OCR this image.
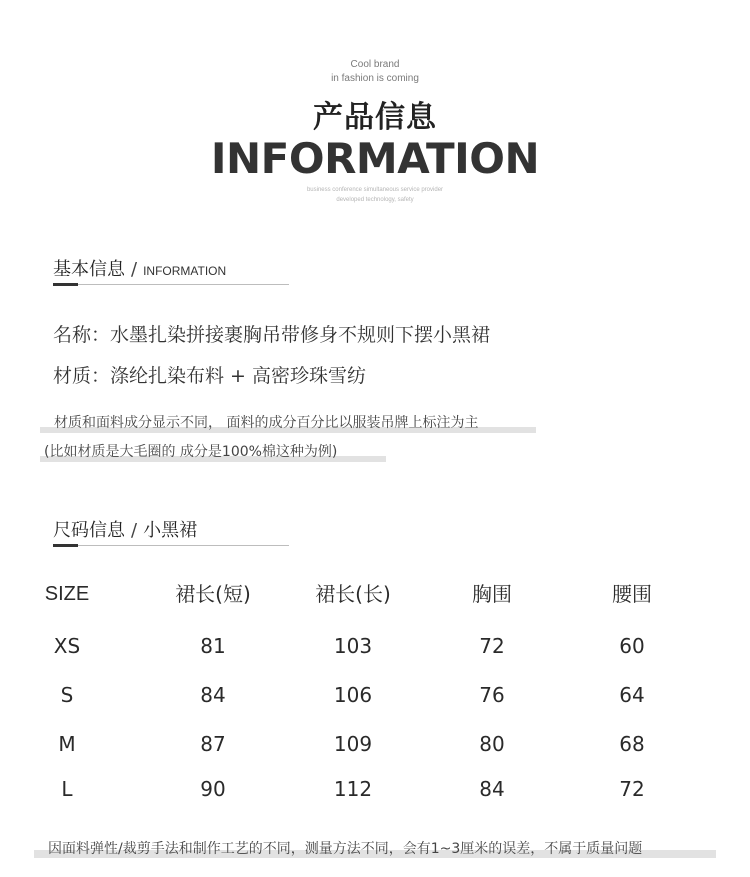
Cool brand
in fashion is coming
产品信息
INFORMATION
business conference simultaneous service provider
developed technology, safety
基本信息 / INFORMATION
名称：水墨扎染拼接裹胸吊带修身不规则下摆小黑裙
材质：涤纶扎染布料 + 高密珍珠雪纺
材质和面料成分显示不同， 面料的成分百分比以服装吊牌上标注为主
(比如材质是大毛圈的 成分是100%棉这种为例)
尺码信息 / 小黑裙
SIZE	裙长(短)	裙长(长)	胸围	腰围
XS	81	103	72	60
S	84	106	76	64
M	87	109	80	68
L	90	112	84	72
因面料弹性/裁剪手法和制作工艺的不同，测量方法不同，会有1~3厘米的误差，不属于质量问题
